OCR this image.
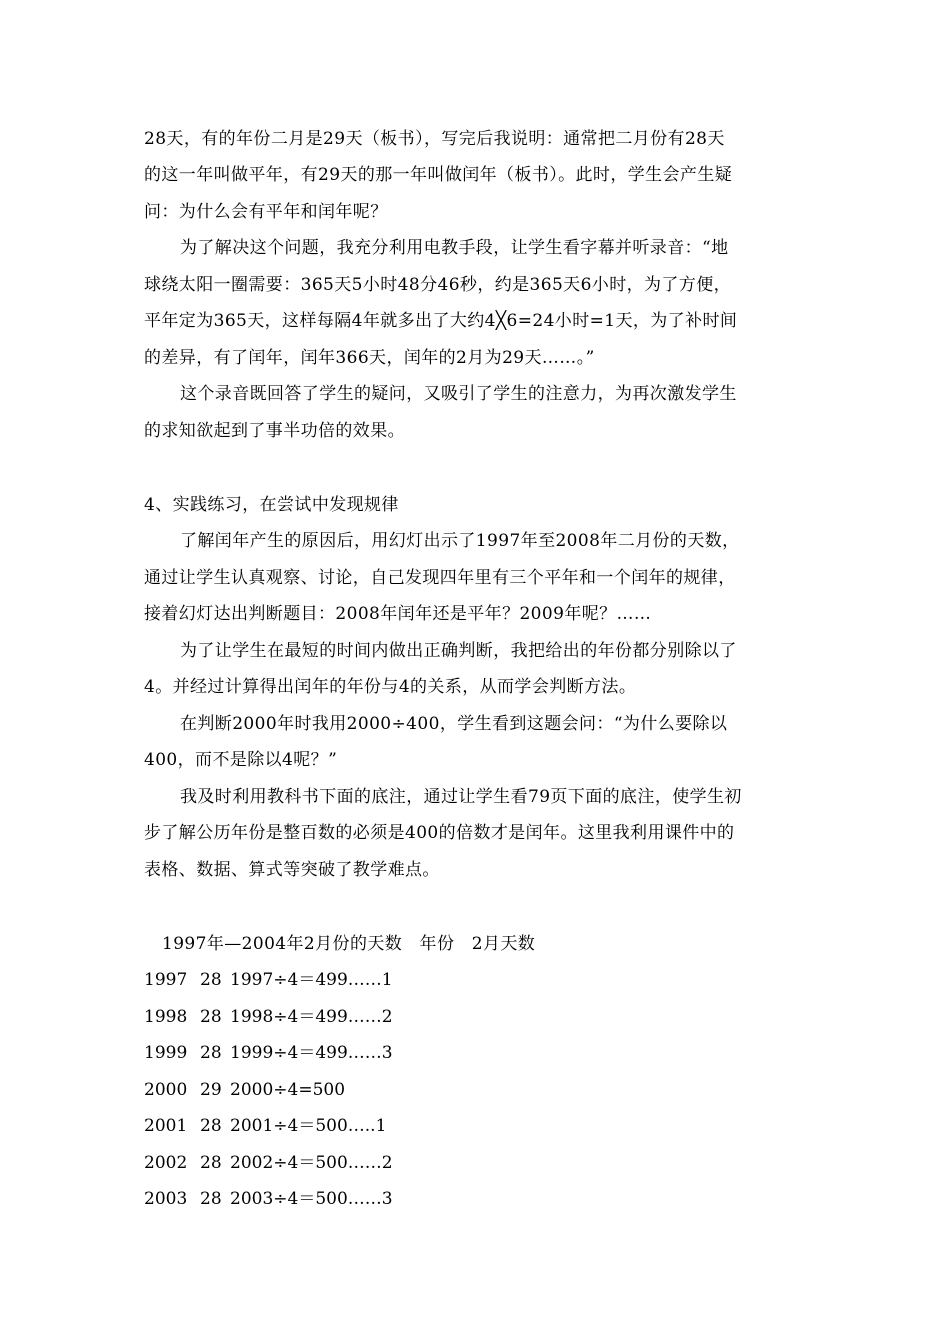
28天，有的年份二月是29天（板书），写完后我说明：通常把二月份有28天
的这一年叫做平年，有29天的那一年叫做闰年（板书）。此时，学生会产生疑
问：为什么会有平年和闰年呢？
为了解决这个问题，我充分利用电教手段，让学生看字幕并听录音：“地
球绕太阳一圈需要：365天5小时48分46秒，约是365天6小时，为了方便，
平年定为365天，这样每隔4年就多出了大约4╳6=24小时=1天，为了补时间
的差异，有了闰年，闰年366天，闰年的2月为29天……。”
这个录音既回答了学生的疑问，又吸引了学生的注意力，为再次激发学生
的求知欲起到了事半功倍的效果。
4、实践练习，在尝试中发现规律
了解闰年产生的原因后，用幻灯出示了1997年至2008年二月份的天数，
通过让学生认真观察、讨论，自己发现四年里有三个平年和一个闰年的规律，
接着幻灯达出判断题目：2008年闰年还是平年？2009年呢？……
为了让学生在最短的时间内做出正确判断，我把给出的年份都分别除以了
4。并经过计算得出闰年的年份与4的关系，从而学会判断方法。
在判断2000年时我用2000÷400，学生看到这题会问：“为什么要除以
400，而不是除以4呢？”
我及时利用教科书下面的底注，通过让学生看79页下面的底注，使学生初
步了解公历年份是整百数的必须是400的倍数才是闰年。这里我利用课件中的
表格、数据、算式等突破了教学难点。
1997年—2004年2月份的天数　年份　2月天数
1997 28 1997÷4＝499……1
1998 28 1998÷4＝499……2
1999 28 1999÷4＝499……3
2000 29 2000÷4=500
2001 28 2001÷4＝500…..1
2002 28 2002÷4＝500……2
2003 28 2003÷4＝500……3
